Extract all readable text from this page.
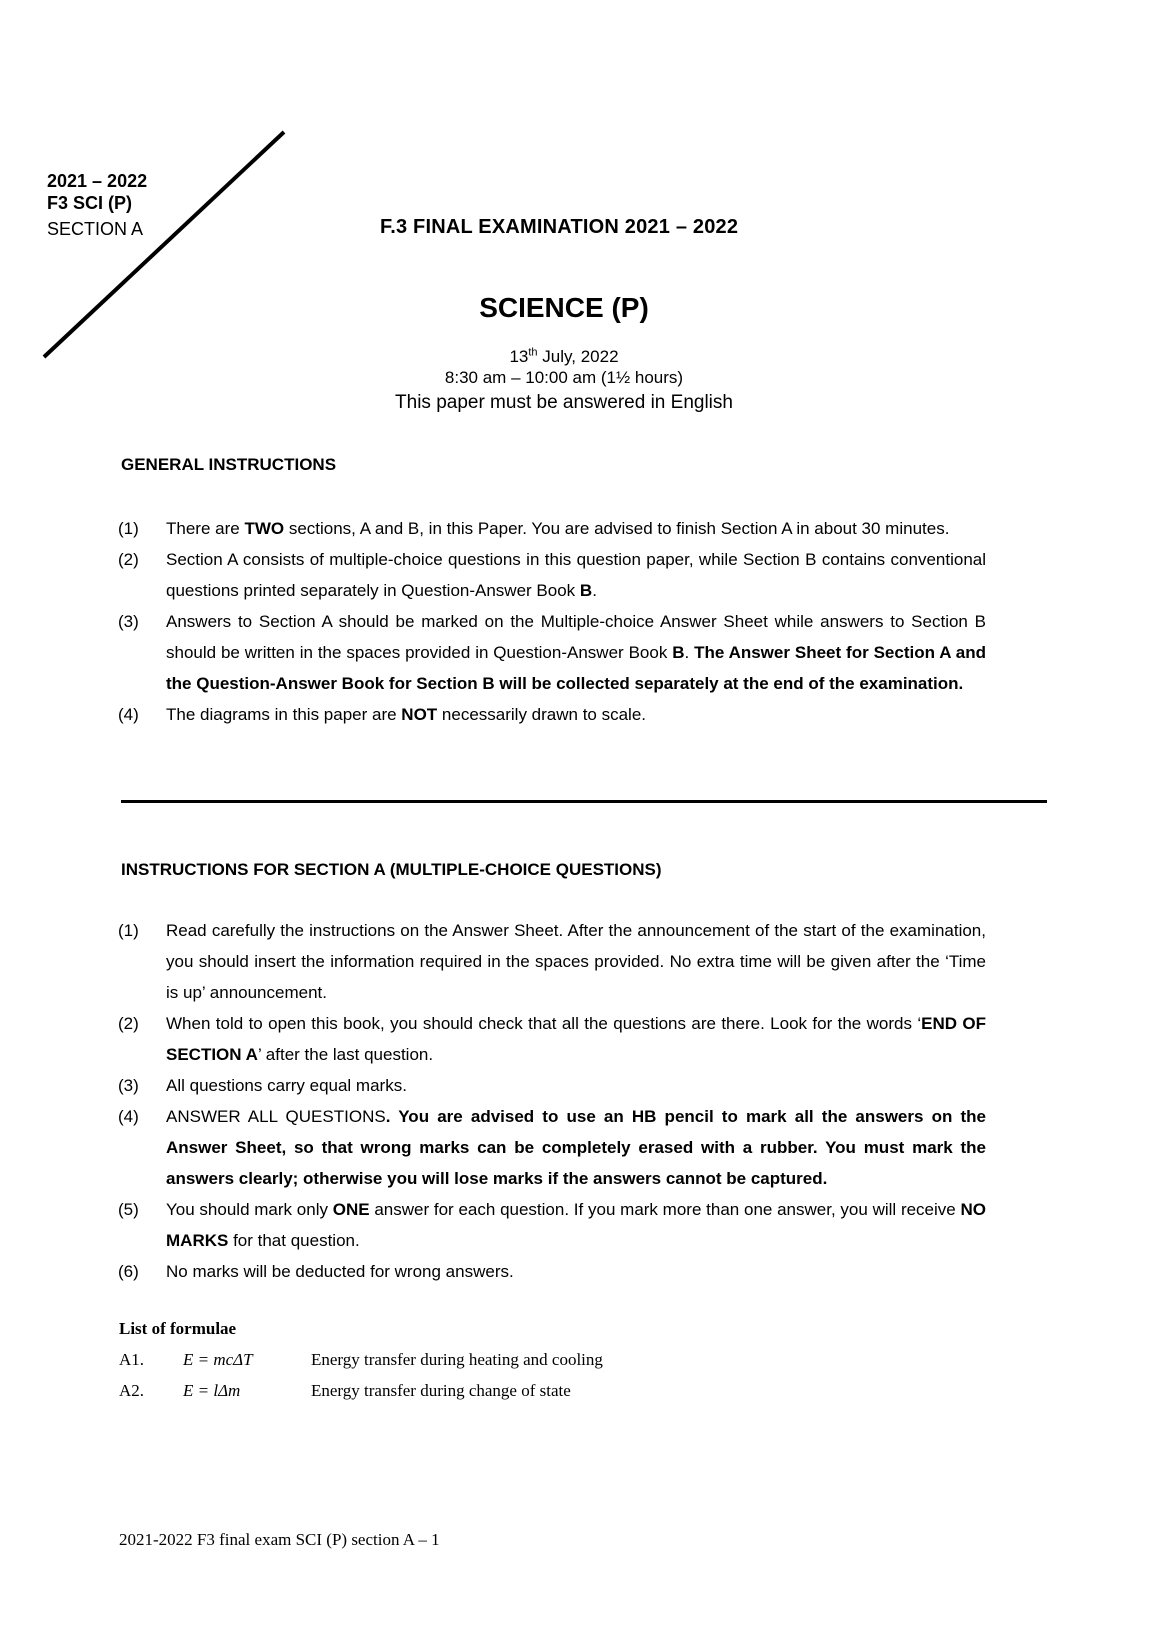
2021 – 2022
F3 SCI (P)
SECTION A	F.3 FINAL EXAMINATION 2021 – 2022
SCIENCE (P)
13th July, 2022
8:30 am – 10:00 am (1½ hours)
This paper must be answered in English
GENERAL INSTRUCTIONS
(1) There are TWO sections, A and B, in this Paper. You are advised to finish Section A in about 30 minutes.
(2) Section A consists of multiple-choice questions in this question paper, while Section B contains conventional questions printed separately in Question-Answer Book B.
(3) Answers to Section A should be marked on the Multiple-choice Answer Sheet while answers to Section B should be written in the spaces provided in Question-Answer Book B. The Answer Sheet for Section A and the Question-Answer Book for Section B will be collected separately at the end of the examination.
(4) The diagrams in this paper are NOT necessarily drawn to scale.
INSTRUCTIONS FOR SECTION A (MULTIPLE-CHOICE QUESTIONS)
(1) Read carefully the instructions on the Answer Sheet. After the announcement of the start of the examination, you should insert the information required in the spaces provided. No extra time will be given after the ‘Time is up’ announcement.
(2) When told to open this book, you should check that all the questions are there. Look for the words ‘END OF SECTION A’ after the last question.
(3) All questions carry equal marks.
(4) ANSWER ALL QUESTIONS. You are advised to use an HB pencil to mark all the answers on the Answer Sheet, so that wrong marks can be completely erased with a rubber. You must mark the answers clearly; otherwise you will lose marks if the answers cannot be captured.
(5) You should mark only ONE answer for each question. If you mark more than one answer, you will receive NO MARKS for that question.
(6) No marks will be deducted for wrong answers.
List of formulae
A1. E = mcΔT	Energy transfer during heating and cooling
A2. E = lΔm	Energy transfer during change of state
2021-2022 F3 final exam SCI (P) section A – 1
